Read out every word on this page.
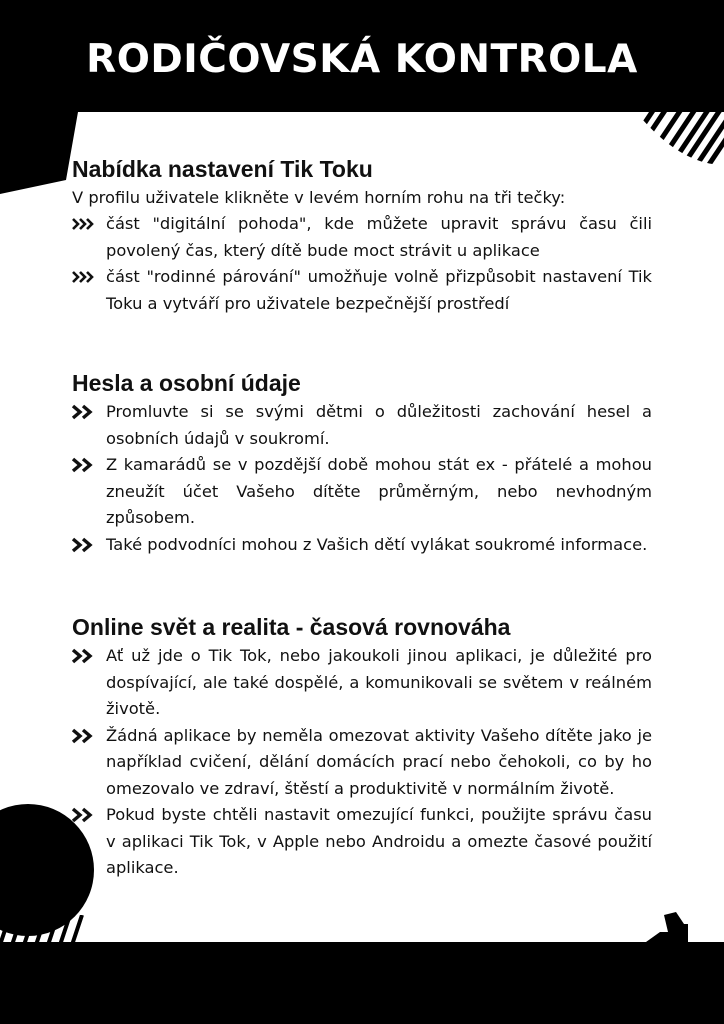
RODIČOVSKÁ KONTROLA
Nabídka nastavení Tik Toku

V profilu uživatele klikněte v levém horním rohu na tři tečky:

část "digitální pohoda", kde můžete upravit správu času čili povolený čas, který dítě bude moct strávit u aplikace
část "rodinné párování" umožňuje volně přizpůsobit nastavení Tik Toku a vytváří pro uživatele bezpečnější prostředí
Hesla a osobní údaje
Promluvte si se svými dětmi o důležitosti zachování hesel a osobních údajů v soukromí.
Z kamarádů se v pozdější době mohou stát ex - přátelé a mohou zneužít účet Vašeho dítěte průměrným, nebo nevhodným způsobem.
Také podvodníci mohou z Vašich dětí vylákat soukromé informace.
Online svět a realita - časová rovnováha
Ať už jde o Tik Tok, nebo jakoukoli jinou aplikaci, je důležité pro dospívající, ale také dospělé, a komunikovali se světem v reálném životě.
Žádná aplikace by neměla omezovat aktivity Vašeho dítěte jako je například cvičení, dělání domácích prací nebo čehokoli, co by ho omezovalo ve zdraví, štěstí a produktivitě v normálním životě.
Pokud byste chtěli nastavit omezující funkci, použijte správu času v aplikaci Tik Tok, v Apple nebo Androidu a omezte časové použití aplikace.
